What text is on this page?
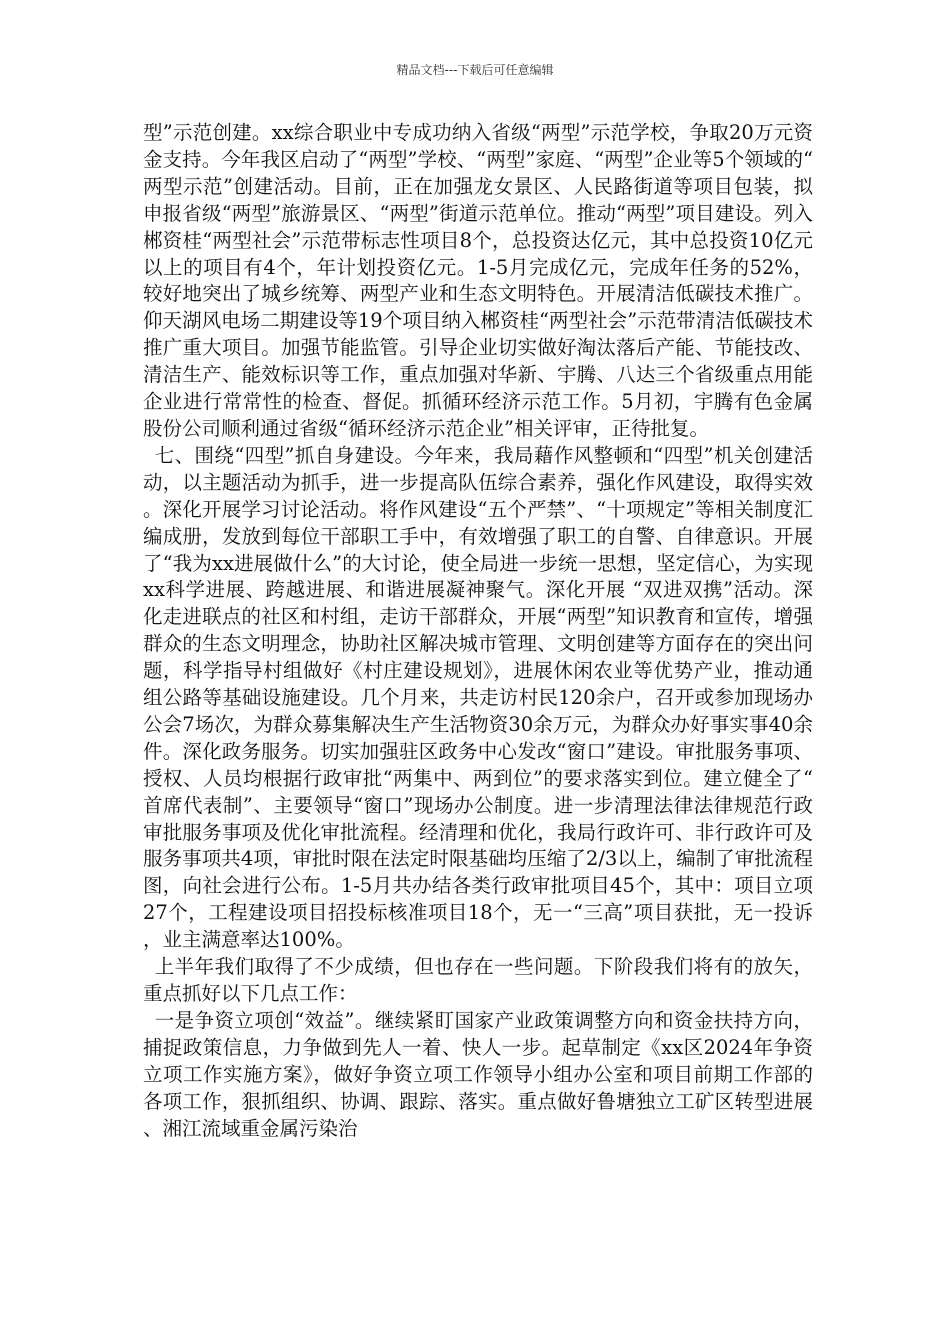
精品文档---下载后可任意编辑

型”示范创建。xx综合职业中专成功纳入省级“两型”示范学校，争取20万元资金支持。今年我区启动了“两型”学校、“两型”家庭、“两型”企业等5个领域的“两型示范”创建活动。目前，正在加强龙女景区、人民路街道等项目包装，拟申报省级“两型”旅游景区、“两型”街道示范单位。推动“两型”项目建设。列入郴资桂“两型社会”示范带标志性项目8个，总投资达亿元，其中总投资10亿元以上的项目有4个，年计划投资亿元。1-5月完成亿元，完成年任务的52%，较好地突出了城乡统筹、两型产业和生态文明特色。开展清洁低碳技术推广。仰天湖风电场二期建设等19个项目纳入郴资桂“两型社会”示范带清洁低碳技术推广重大项目。加强节能监管。引导企业切实做好淘汰落后产能、节能技改、清洁生产、能效标识等工作，重点加强对华新、宇腾、八达三个省级重点用能企业进行常常性的检查、督促。抓循环经济示范工作。5月初，宇腾有色金属股份公司顺利通过省级“循环经济示范企业”相关评审，正待批复。

七、围绕“四型”抓自身建设。今年来，我局藉作风整顿和“四型”机关创建活动，以主题活动为抓手，进一步提高队伍综合素养，强化作风建设，取得实效。深化开展学习讨论活动。将作风建设“五个严禁”、“十项规定”等相关制度汇编成册，发放到每位干部职工手中，有效增强了职工的自警、自律意识。开展了“我为xx进展做什么”的大讨论，使全局进一步统一思想，坚定信心，为实现xx科学进展、跨越进展、和谐进展凝神聚气。深化开展 “双进双携”活动。深化走进联点的社区和村组，走访干部群众，开展“两型”知识教育和宣传，增强群众的生态文明理念，协助社区解决城市管理、文明创建等方面存在的突出问题，科学指导村组做好《村庄建设规划》，进展休闲农业等优势产业，推动通组公路等基础设施建设。几个月来，共走访村民120余户，召开或参加现场办公会7场次，为群众募集解决生产生活物资30余万元，为群众办好事实事40余件。深化政务服务。切实加强驻区政务中心发改“窗口”建设。审批服务事项、授权、人员均根据行政审批“两集中、两到位”的要求落实到位。建立健全了“首席代表制”、主要领导“窗口”现场办公制度。进一步清理法律法律规范行政审批服务事项及优化审批流程。经清理和优化，我局行政许可、非行政许可及服务事项共4项，审批时限在法定时限基础均压缩了2/3以上，编制了审批流程图，向社会进行公布。1-5月共办结各类行政审批项目45个，其中：项目立项27个，工程建设项目招投标核准项目18个，无一“三高”项目获批，无一投诉，业主满意率达100%。

上半年我们取得了不少成绩，但也存在一些问题。下阶段我们将有的放矢，重点抓好以下几点工作：

一是争资立项创“效益”。继续紧盯国家产业政策调整方向和资金扶持方向，捕捉政策信息，力争做到先人一着、快人一步。起草制定《xx区2024年争资立项工作实施方案》，做好争资立项工作领导小组办公室和项目前期工作部的各项工作，狠抓组织、协调、跟踪、落实。重点做好鲁塘独立工矿区转型进展、湘江流域重金属污染治
